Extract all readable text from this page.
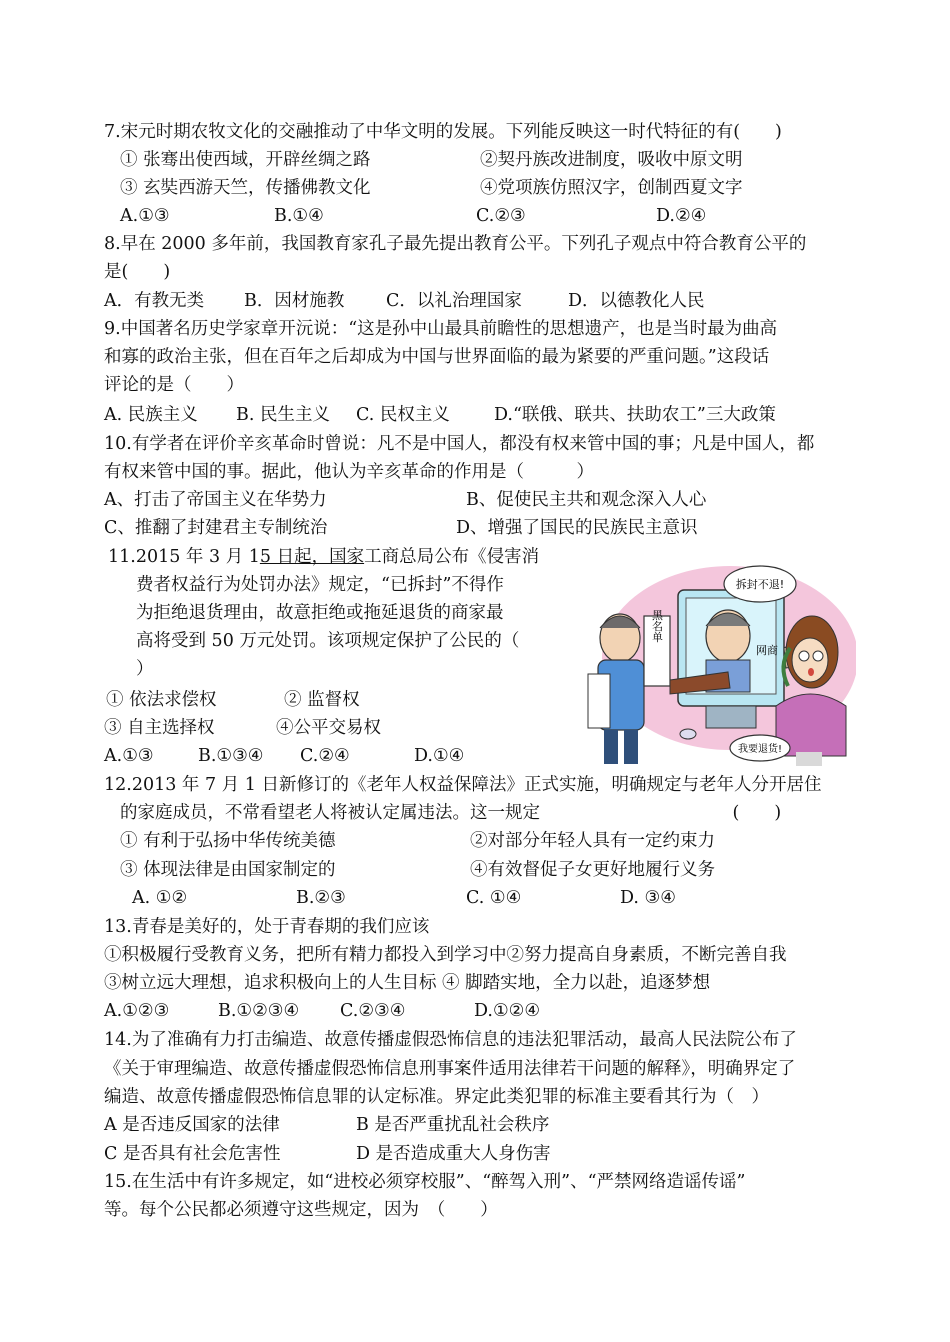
7.宋元时期农牧文化的交融推动了中华文明的发展。下列能反映这一时代特征的有(　　)
① 张骞出使西域，开辟丝绸之路	②契丹族改进制度，吸收中原文明
③ 玄奘西游天竺，传播佛教文化	④党项族仿照汉字，创制西夏文字
A.①③	B.①④	C.②③	D.②④
8.早在 2000 多年前，我国教育家孔子最先提出教育公平。下列孔子观点中符合教育公平的
是(　　)
A．有教无类 B．因材施教 C．以礼治理国家	D．以德教化人民
9.中国著名历史学家章开沅说：“这是孙中山最具前瞻性的思想遗产，也是当时最为曲高
和寡的政治主张，但在百年之后却成为中国与世界面临的最为紧要的严重问题。”这段话
评论的是（　　）
A. 民族主义 B. 民生主义 C. 民权主义	D.“联俄、联共、扶助农工”三大政策
10.有学者在评价辛亥革命时曾说：凡不是中国人，都没有权来管中国的事；凡是中国人，都
有权来管中国的事。据此，他认为辛亥革命的作用是（　　　）
A、打击了帝国主义在华势力	B、促使民主共和观念深入人心
C、推翻了封建君主专制统治	D、增强了国民的民族民主意识
11.2015 年 3 月 15 日起，国家工商总局公布《侵害消
费者权益行为处罚办法》规定，“已拆封”不得作
为拒绝退货理由，故意拒绝或拖延退货的商家最
高将受到 50 万元处罚。该项规定保护了公民的（
）
① 依法求偿权	② 监督权
③ 自主选择权	④公平交易权
A.①③	B.①③④ C.②④	D.①④
黑名单
网商
拆封不退!
我要退货!
12.2013 年 7 月 1 日新修订的《老年人权益保障法》正式实施，明确规定与老年人分开居住
的家庭成员，不常看望老人将被认定属违法。这一规定　　　　　　　　　　　(　　)
① 有利于弘扬中华传统美德	②对部分年轻人具有一定约束力
③ 体现法律是由国家制定的	④有效督促子女更好地履行义务
A. ①②	B.②③	C. ①④	D. ③④
13.青春是美好的，处于青春期的我们应该
①积极履行受教育义务，把所有精力都投入到学习中②努力提高自身素质，不断完善自我
③树立远大理想，追求积极向上的人生目标 ④ 脚踏实地，全力以赴，追逐梦想
A.①②③	B.①②③④ C.②③④	D.①②④
14.为了准确有力打击编造、故意传播虚假恐怖信息的违法犯罪活动，最高人民法院公布了
《关于审理编造、故意传播虚假恐怖信息刑事案件适用法律若干问题的解释》，明确界定了
编造、故意传播虚假恐怖信息罪的认定标准。界定此类犯罪的标准主要看其行为（　）
A 是否违反国家的法律	B 是否严重扰乱社会秩序
C 是否具有社会危害性	D 是否造成重大人身伤害
15.在生活中有许多规定，如“进校必须穿校服”、“醉驾入刑”、“严禁网络造谣传谣”
等。每个公民都必须遵守这些规定，因为　（　　）
